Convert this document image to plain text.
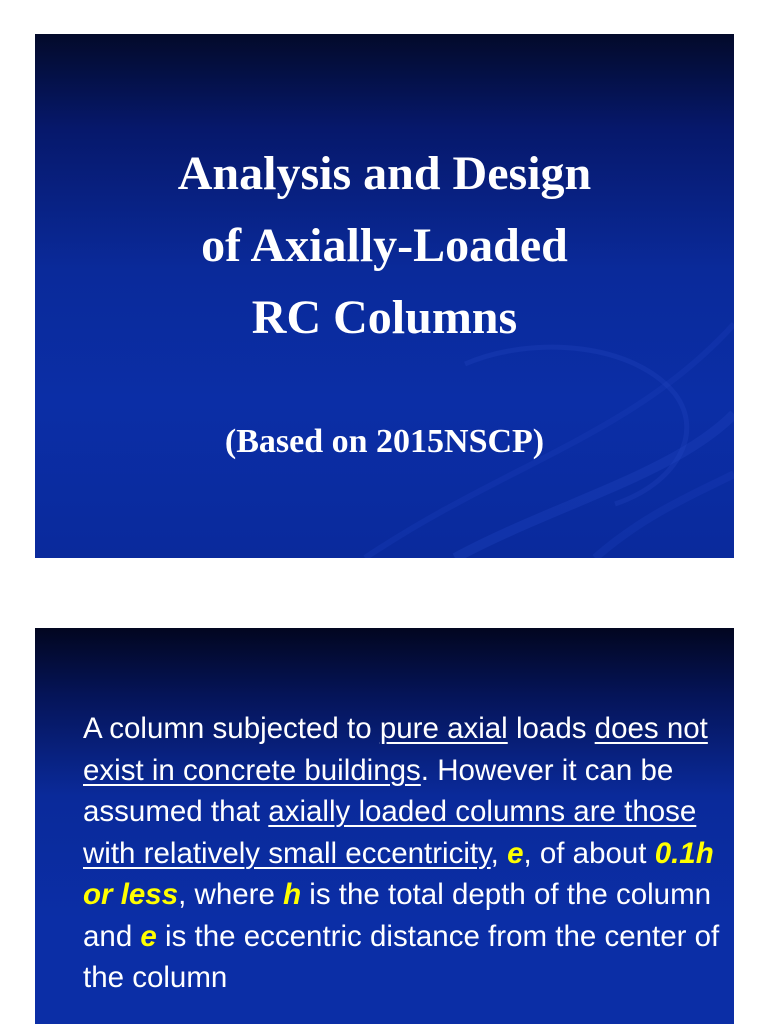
Analysis and Design
of Axially-Loaded
RC Columns

(Based on 2015NSCP)

A column subjected to pure axial loads does not exist in concrete buildings. However it can be assumed that axially loaded columns are those with relatively small eccentricity, e, of about 0.1h or less, where h is the total depth of the column and e is the eccentric distance from the center of the column
